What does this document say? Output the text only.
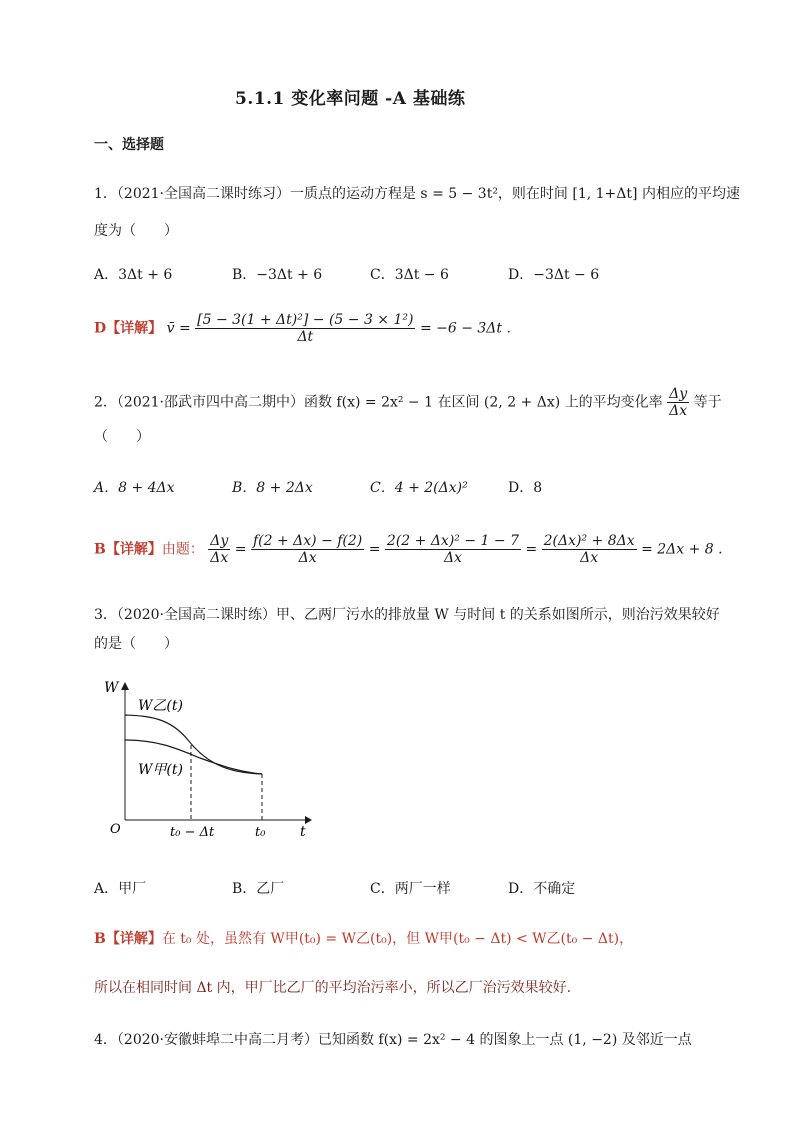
5.1.1 变化率问题 -A 基础练
一、选择题
1．（2021·全国高二课时练习）一质点的运动方程是 s = 5 − 3t²，则在时间 [1, 1+Δt] 内相应的平均速
度为（　　）
A．3Δt + 6	B．−3Δt + 6	C．3Δt − 6	D．−3Δt − 6
D【详解】 v̄ = $\frac{\text{[5 − 3(1 + Δt)²] − (5 − 3 × 1²)}}{\Delta t} = -6 - 3\Delta t$ .
2．（2021·邵武市四中高二期中）函数 f(x) = 2x² − 1 在区间 (2, 2 + Δx) 上的平均变化率 $\frac{\Delta y}{\Delta x}$ 等于
（　　）
A．8 + 4Δx	B．8 + 2Δx	C．4 + 2(Δx)²	D．8
B【详解】由题： $\frac{\Delta y}{\Delta x} = \frac{f(2 + \Delta x) - f(2)}{\Delta x} = \frac{\text{2(2 + Δx)² − 1 − 7}}{\Delta x} = \frac{\text{2(Δx)² + 8Δx}}{\Delta x} = 2\Delta x + 8$ .
3．（2020·全国高二课时练）甲、乙两厂污水的排放量 W 与时间 t 的关系如图所示，则治污效果较好
的是（　　）
W
t
O
W乙(t)
W甲(t)
t₀ − Δt	t₀
A．甲厂	B．乙厂	C．两厂一样	D．不确定
B【详解】在 t₀ 处，虽然有 W甲(t₀) = W乙(t₀)，但 W甲(t₀ − Δt) < W乙(t₀ − Δt)，
所以在相同时间 Δt 内，甲厂比乙厂的平均治污率小，所以乙厂治污效果较好.
4．（2020·安徽蚌埠二中高二月考）已知函数 f(x) = 2x² − 4 的图象上一点 (1, −2) 及邻近一点
